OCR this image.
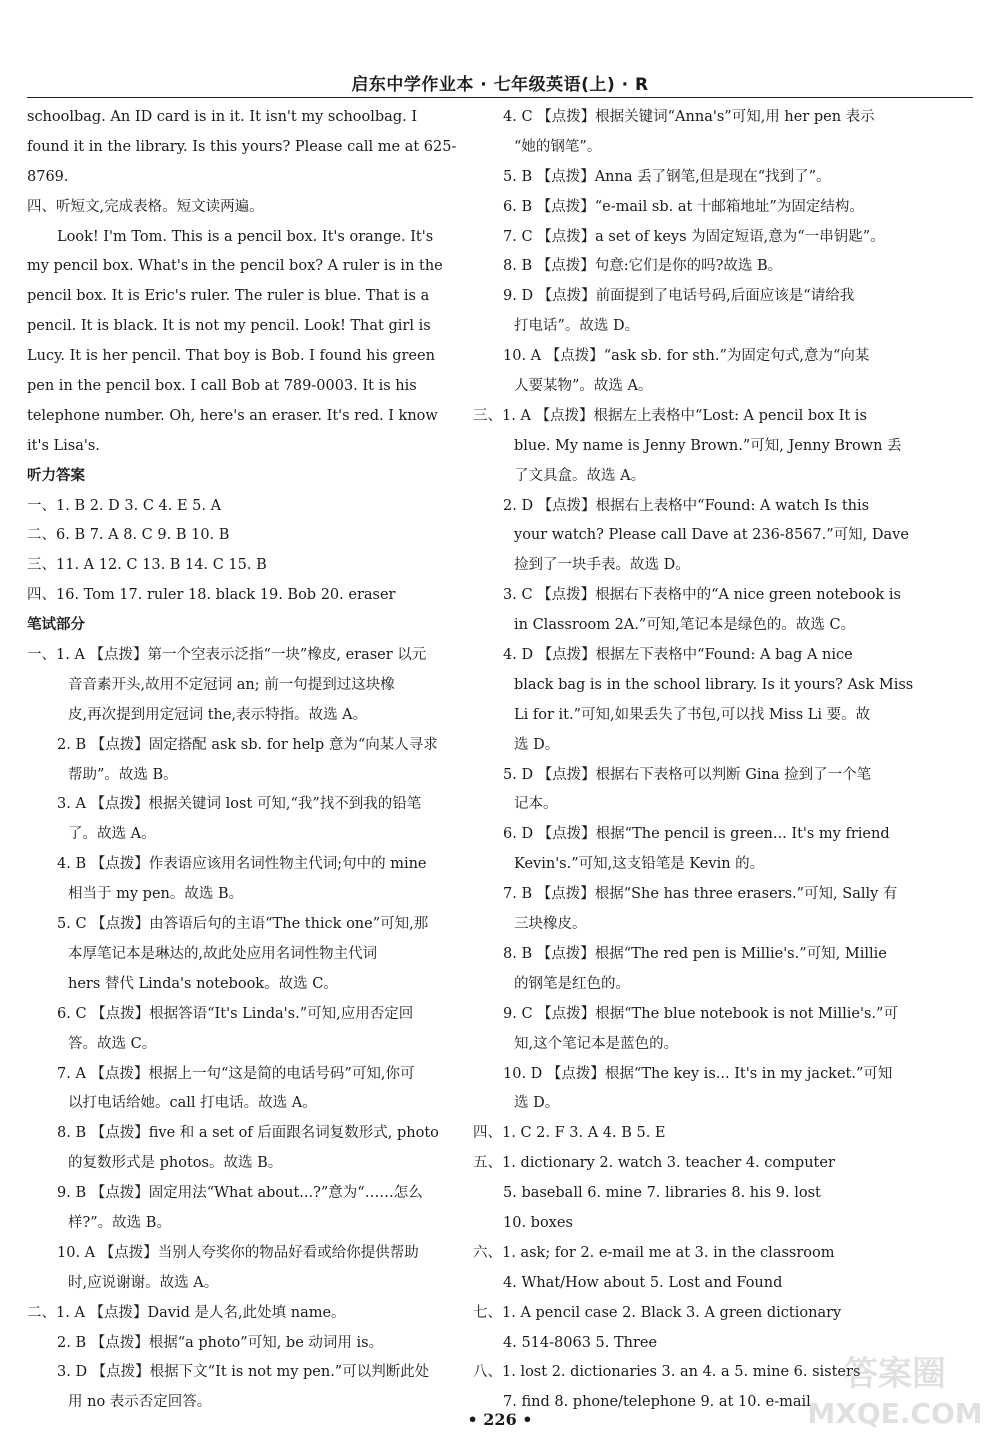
启东中学作业本 · 七年级英语(上) · R
schoolbag. An ID card is in it. It isn't my schoolbag. I
found it in the library. Is this yours? Please call me at 625-
8769.
四、听短文,完成表格。短文读两遍。
Look! I'm Tom. This is a pencil box. It's orange. It's
my pencil box. What's in the pencil box? A ruler is in the
pencil box. It is Eric's ruler. The ruler is blue. That is a
pencil. It is black. It is not my pencil. Look! That girl is
Lucy. It is her pencil. That boy is Bob. I found his green
pen in the pencil box. I call Bob at 789-0003. It is his
telephone number. Oh, here's an eraser. It's red. I know
it's Lisa's.
听力答案
一、1. B 2. D 3. C 4. E 5. A
二、6. B 7. A 8. C 9. B 10. B
三、11. A 12. C 13. B 14. C 15. B
四、16. Tom 17. ruler 18. black 19. Bob 20. eraser
笔试部分
一、1. A 【点拨】第一个空表示泛指“一块”橡皮, eraser 以元
音音素开头,故用不定冠词 an; 前一句提到过这块橡
皮,再次提到用定冠词 the,表示特指。故选 A。
2. B 【点拨】固定搭配 ask sb. for help 意为“向某人寻求
帮助”。故选 B。
3. A 【点拨】根据关键词 lost 可知,“我”找不到我的铅笔
了。故选 A。
4. B 【点拨】作表语应该用名词性物主代词;句中的 mine
相当于 my pen。故选 B。
5. C 【点拨】由答语后句的主语“The thick one”可知,那
本厚笔记本是琳达的,故此处应用名词性物主代词
hers 替代 Linda's notebook。故选 C。
6. C 【点拨】根据答语“It's Linda's.”可知,应用否定回
答。故选 C。
7. A 【点拨】根据上一句“这是简的电话号码”可知,你可
以打电话给她。call 打电话。故选 A。
8. B 【点拨】five 和 a set of 后面跟名词复数形式, photo
的复数形式是 photos。故选 B。
9. B 【点拨】固定用法“What about...?”意为“……怎么
样?”。故选 B。
10. A 【点拨】当别人夸奖你的物品好看或给你提供帮助
时,应说谢谢。故选 A。
二、1. A 【点拨】David 是人名,此处填 name。
2. B 【点拨】根据“a photo”可知, be 动词用 is。
3. D 【点拨】根据下文“It is not my pen.”可以判断此处
用 no 表示否定回答。
4. C 【点拨】根据关键词“Anna's”可知,用 her pen 表示
“她的钢笔”。
5. B 【点拨】Anna 丢了钢笔,但是现在“找到了”。
6. B 【点拨】“e-mail sb. at 十邮箱地址”为固定结构。
7. C 【点拨】a set of keys 为固定短语,意为“一串钥匙”。
8. B 【点拨】句意:它们是你的吗?故选 B。
9. D 【点拨】前面提到了电话号码,后面应该是“请给我
打电话”。故选 D。
10. A 【点拨】“ask sb. for sth.”为固定句式,意为“向某
人要某物”。故选 A。
三、1. A 【点拨】根据左上表格中“Lost: A pencil box It is
blue. My name is Jenny Brown.”可知, Jenny Brown 丢
了文具盒。故选 A。
2. D 【点拨】根据右上表格中“Found: A watch Is this
your watch? Please call Dave at 236-8567.”可知, Dave
捡到了一块手表。故选 D。
3. C 【点拨】根据右下表格中的“A nice green notebook is
in Classroom 2A.”可知,笔记本是绿色的。故选 C。
4. D 【点拨】根据左下表格中“Found: A bag A nice
black bag is in the school library. Is it yours? Ask Miss
Li for it.”可知,如果丢失了书包,可以找 Miss Li 要。故
选 D。
5. D 【点拨】根据右下表格可以判断 Gina 捡到了一个笔
记本。
6. D 【点拨】根据“The pencil is green... It's my friend
Kevin's.”可知,这支铅笔是 Kevin 的。
7. B 【点拨】根据“She has three erasers.”可知, Sally 有
三块橡皮。
8. B 【点拨】根据“The red pen is Millie's.”可知, Millie
的钢笔是红色的。
9. C 【点拨】根据“The blue notebook is not Millie's.”可
知,这个笔记本是蓝色的。
10. D 【点拨】根据“The key is... It's in my jacket.”可知
选 D。
四、1. C 2. F 3. A 4. B 5. E
五、1. dictionary 2. watch 3. teacher 4. computer
5. baseball 6. mine 7. libraries 8. his 9. lost
10. boxes
六、1. ask; for 2. e-mail me at 3. in the classroom
4. What/How about 5. Lost and Found
七、1. A pencil case 2. Black 3. A green dictionary
4. 514-8063 5. Three
八、1. lost 2. dictionaries 3. an 4. a 5. mine 6. sisters
7. find 8. phone/telephone 9. at 10. e-mail
• 226 •
答案圈
MXQE.COM
